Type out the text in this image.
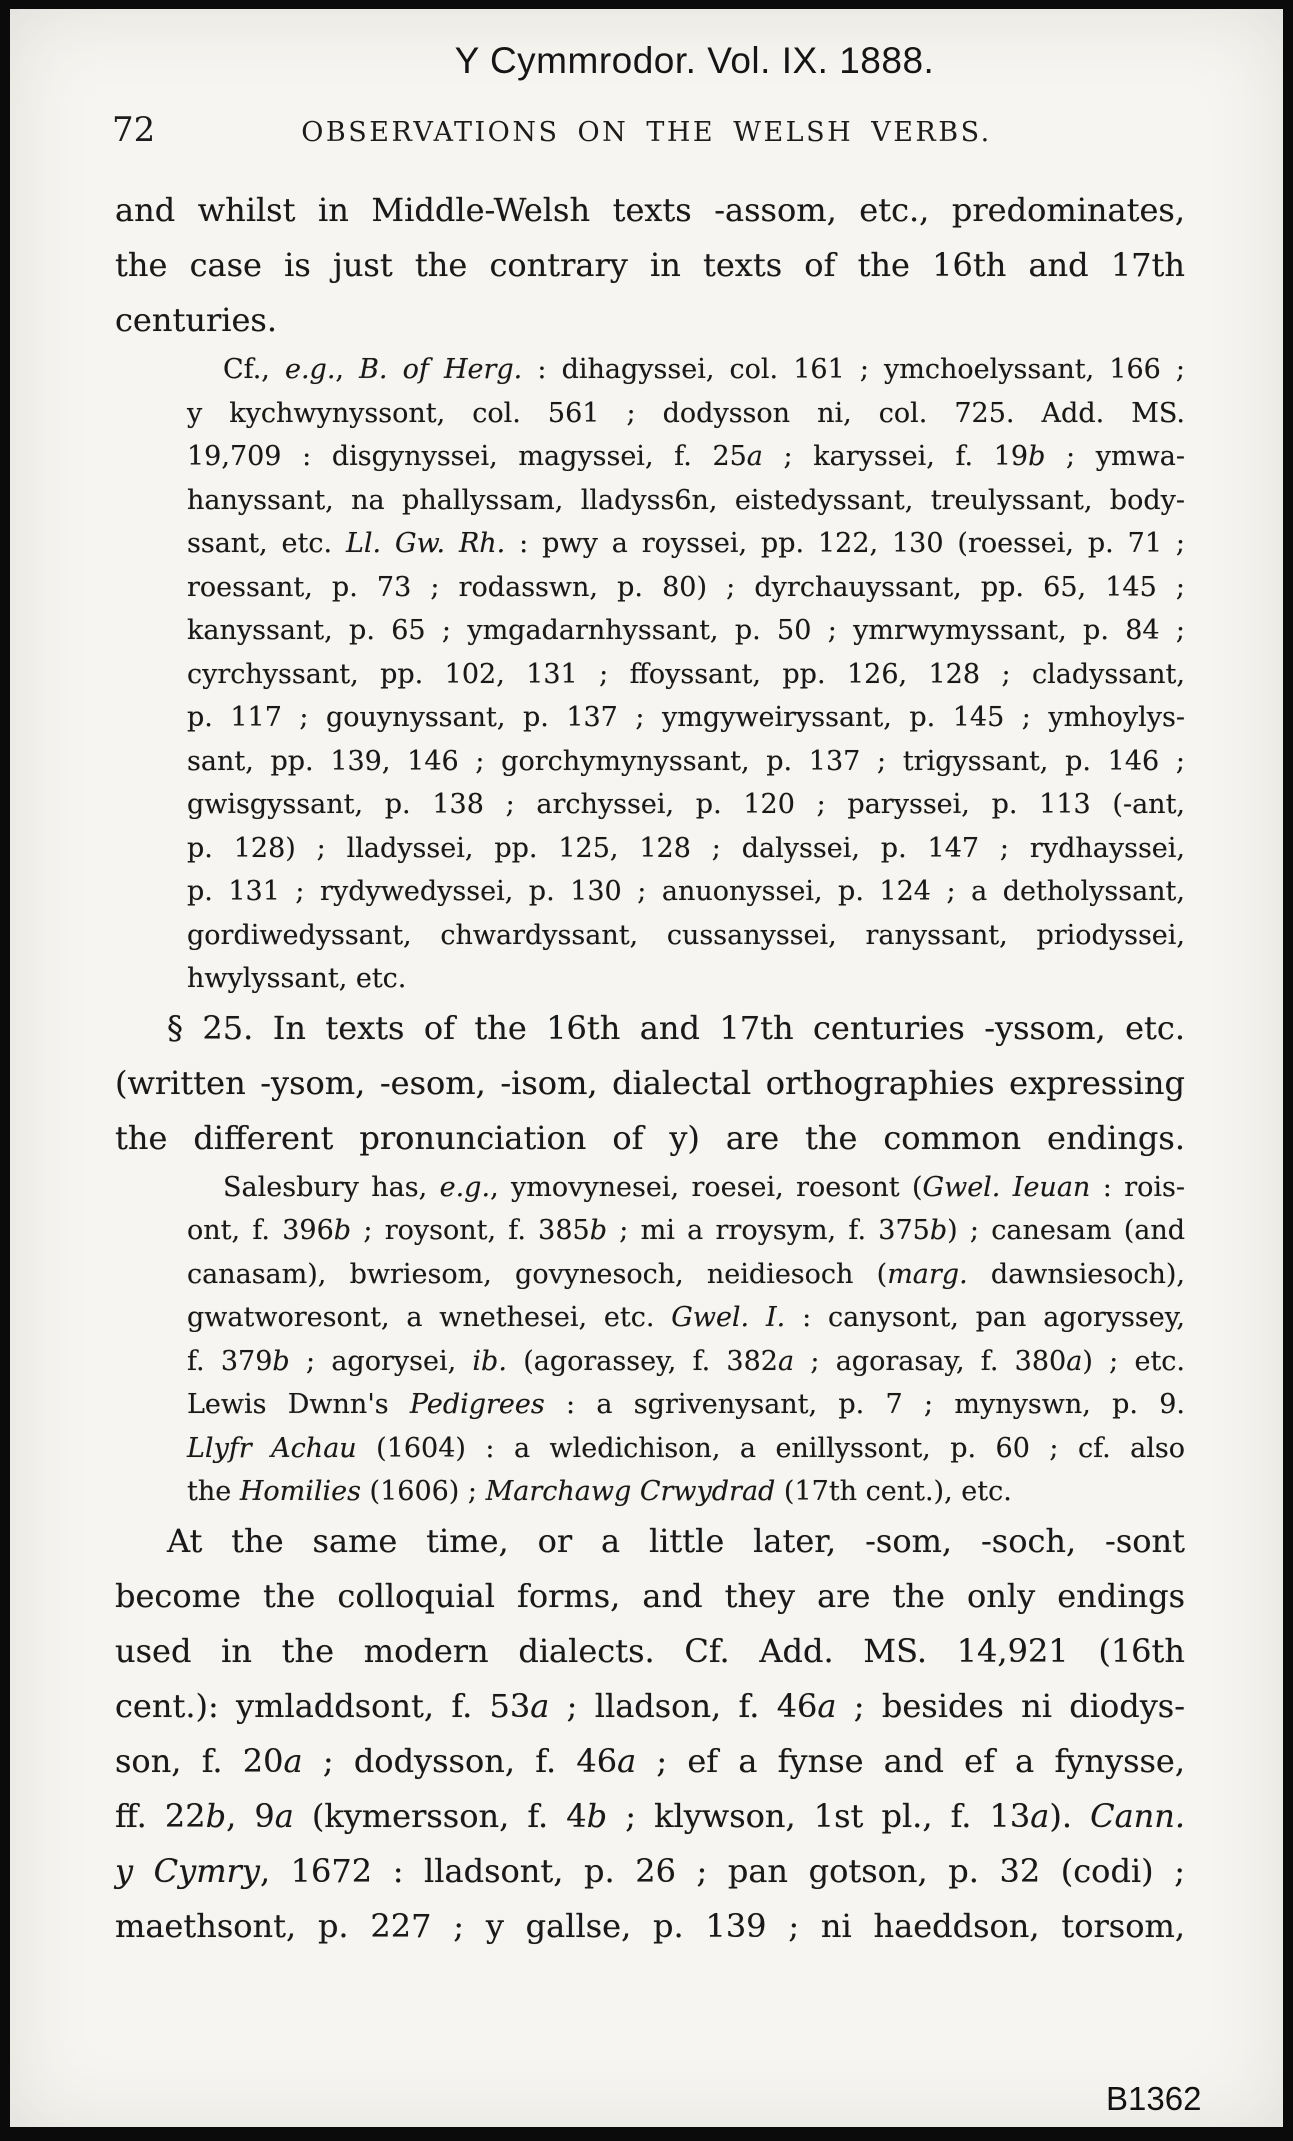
Y Cymmrodor. Vol. IX. 1888.
72	OBSERVATIONS ON THE WELSH VERBS.
and whilst in Middle-Welsh texts -assom, etc., predominates,
the case is just the contrary in texts of the 16th and 17th
centuries.
Cf., e.g., B. of Herg. : dihagyssei, col. 161 ; ymchoelyssant, 166 ;
y kychwynyssont, col. 561 ; dodysson ni, col. 725. Add. MS.
19,709 : disgynyssei, magyssei, f. 25a ; karyssei, f. 19b ; ymwa-
hanyssant, na phallyssam, lladyss6n, eistedyssant, treulyssant, body-
ssant, etc. Ll. Gw. Rh. : pwy a royssei, pp. 122, 130 (roessei, p. 71 ;
roessant, p. 73 ; rodasswn, p. 80) ; dyrchauyssant, pp. 65, 145 ;
kanyssant, p. 65 ; ymgadarnhyssant, p. 50 ; ymrwymyssant, p. 84 ;
cyrchyssant, pp. 102, 131 ; ffoyssant, pp. 126, 128 ; cladyssant,
p. 117 ; gouynyssant, p. 137 ; ymgyweiryssant, p. 145 ; ymhoylys-
sant, pp. 139, 146 ; gorchymynyssant, p. 137 ; trigyssant, p. 146 ;
gwisgyssant, p. 138 ; archyssei, p. 120 ; paryssei, p. 113 (-ant,
p. 128) ; lladyssei, pp. 125, 128 ; dalyssei, p. 147 ; rydhayssei,
p. 131 ; rydywedyssei, p. 130 ; anuonyssei, p. 124 ; a detholyssant,
gordiwedyssant, chwardyssant, cussanyssei, ranyssant, priodyssei,
hwylyssant, etc.
§ 25. In texts of the 16th and 17th centuries -yssom, etc.
(written -ysom, -esom, -isom, dialectal orthographies expressing
the different pronunciation of y) are the common endings.
Salesbury has, e.g., ymovynesei, roesei, roesont (Gwel. Ieuan : rois-
ont, f. 396b ; roysont, f. 385b ; mi a rroysym, f. 375b) ; canesam (and
canasam), bwriesom, govynesoch, neidiesoch (marg. dawnsiesoch),
gwatworesont, a wnethesei, etc. Gwel. I. : canysont, pan agoryssey,
f. 379b ; agorysei, ib. (agorassey, f. 382a ; agorasay, f. 380a) ; etc.
Lewis Dwnn's Pedigrees : a sgrivenysant, p. 7 ; mynyswn, p. 9.
Llyfr Achau (1604) : a wledichison, a enillyssont, p. 60 ; cf. also
the Homilies (1606) ; Marchawg Crwydrad (17th cent.), etc.
At the same time, or a little later, -som, -soch, -sont
become the colloquial forms, and they are the only endings
used in the modern dialects. Cf. Add. MS. 14,921 (16th
cent.): ymladdsont, f. 53a ; lladson, f. 46a ; besides ni diodys-
son, f. 20a ; dodysson, f. 46a ; ef a fynse and ef a fynysse,
ff. 22b, 9a (kymersson, f. 4b ; klywson, 1st pl., f. 13a). Cann.
y Cymry, 1672 : lladsont, p. 26 ; pan gotson, p. 32 (codi) ;
maethsont, p. 227 ; y gallse, p. 139 ; ni haeddson, torsom,
B1362
